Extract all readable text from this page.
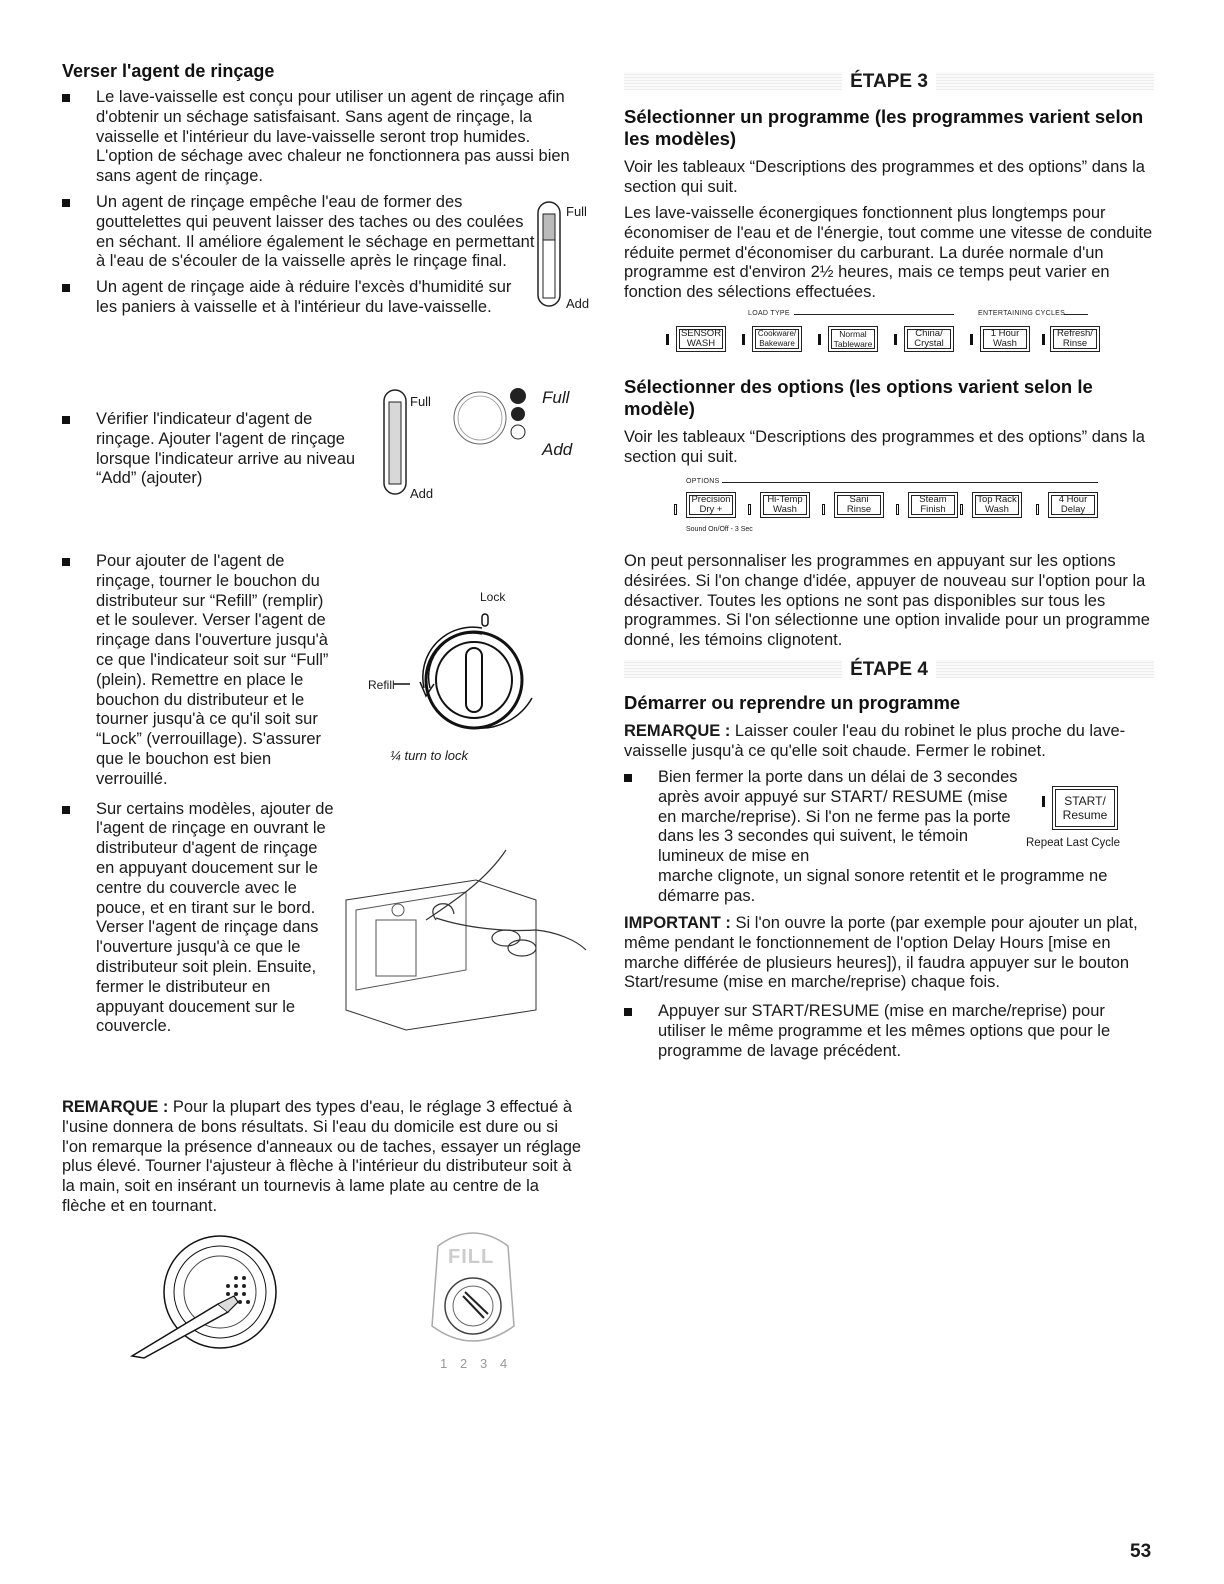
Verser l'agent de rinçage
Le lave-vaisselle est conçu pour utiliser un agent de rinçage afin d'obtenir un séchage satisfaisant. Sans agent de rinçage, la vaisselle et l'intérieur du lave-vaisselle seront trop humides. L'option de séchage avec chaleur ne fonctionnera pas aussi bien sans agent de rinçage.
Un agent de rinçage empêche l'eau de former des gouttelettes qui peuvent laisser des taches ou des coulées en séchant. Il améliore également le séchage en permettant à l'eau de s'écouler de la vaisselle après le rinçage final.
Un agent de rinçage aide à réduire l'excès d'humidité sur les paniers à vaisselle et à l'intérieur du lave-vaisselle.
Full
Add
Vérifier l'indicateur d'agent de rinçage. Ajouter l'agent de rinçage lorsque l'indicateur arrive au niveau “Add” (ajouter)
Full
Add
Full
Add
Pour ajouter de l'agent de rinçage, tourner le bouchon du distributeur sur “Refill” (remplir) et le soulever. Verser l'agent de rinçage dans l'ouverture jusqu'à ce que l'indicateur soit sur “Full” (plein). Remettre en place le bouchon du distributeur et le tourner jusqu'à ce qu'il soit sur “Lock” (verrouillage). S'assurer que le bouchon est bien verrouillé.
Sur certains modèles, ajouter de l'agent de rinçage en ouvrant le distributeur d'agent de rinçage en appuyant doucement sur le centre du couvercle avec le pouce, et en tirant sur le bord. Verser l'agent de rinçage dans l'ouverture jusqu'à ce que le distributeur soit plein. Ensuite, fermer le distributeur en appuyant doucement sur le couvercle.
Lock
Refill
¼ turn to lock

REMARQUE : Pour la plupart des types d'eau, le réglage 3 effectué à l'usine donnera de bons résultats. Si l'eau du domicile est dure ou si l'on remarque la présence d'anneaux ou de taches, essayer un réglage plus élevé. Tourner l'ajusteur à flèche à l'intérieur du distributeur soit à la main, soit en insérant un tournevis à lame plate au centre de la flèche et en tournant.

FILL
1 2 3 4
ÉTAPE 3
Sélectionner un programme (les programmes varient selon les modèles)

Voir les tableaux “Descriptions des programmes et des options” dans la section qui suit.

Les lave-vaisselle éconergiques fonctionnent plus longtemps pour économiser de l'eau et de l'énergie, tout comme une vitesse de conduite réduite permet d'économiser du carburant. La durée normale d'un programme est d'environ 2½ heures, mais ce temps peut varier en fonction des sélections effectuées.

LOAD TYPE	ENTERTAINING CYCLES
SENSOR
WASH
Cookware/
Bakeware
Normal
Tableware
China/
Crystal
1 Hour
Wash
Refresh/
Rinse
Sélectionner des options (les options varient selon le modèle)

Voir les tableaux “Descriptions des programmes et des options” dans la section qui suit.

OPTIONS
Precision
Dry +
Hi-Temp
Wash
Sani
Rinse
Steam
Finish
Top Rack
Wash
4 Hour
Delay
Sound On/Off - 3 Sec

On peut personnaliser les programmes en appuyant sur les options désirées. Si l'on change d'idée, appuyer de nouveau sur l'option pour la désactiver. Toutes les options ne sont pas disponibles sur tous les programmes. Si l'on sélectionne une option invalide pour un programme donné, les témoins clignotent.

ÉTAPE 4
Démarrer ou reprendre un programme

REMARQUE : Laisser couler l'eau du robinet le plus proche du lave-vaisselle jusqu'à ce qu'elle soit chaude. Fermer le robinet.

Bien fermer la porte dans un délai de 3 secondes après avoir appuyé sur START/ RESUME (mise en marche/reprise). Si l'on ne ferme pas la porte dans les 3 secondes qui suivent, le témoin lumineux de mise en
marche clignote, un signal sonore retentit et le programme ne démarre pas.
START/
Resume
Repeat Last Cycle

IMPORTANT : Si l'on ouvre la porte (par exemple pour ajouter un plat, même pendant le fonctionnement de l'option Delay Hours [mise en marche différée de plusieurs heures]), il faudra appuyer sur le bouton Start/resume (mise en marche/reprise) chaque fois.

Appuyer sur START/RESUME (mise en marche/reprise) pour utiliser le même programme et les mêmes options que pour le programme de lavage précédent.
53
